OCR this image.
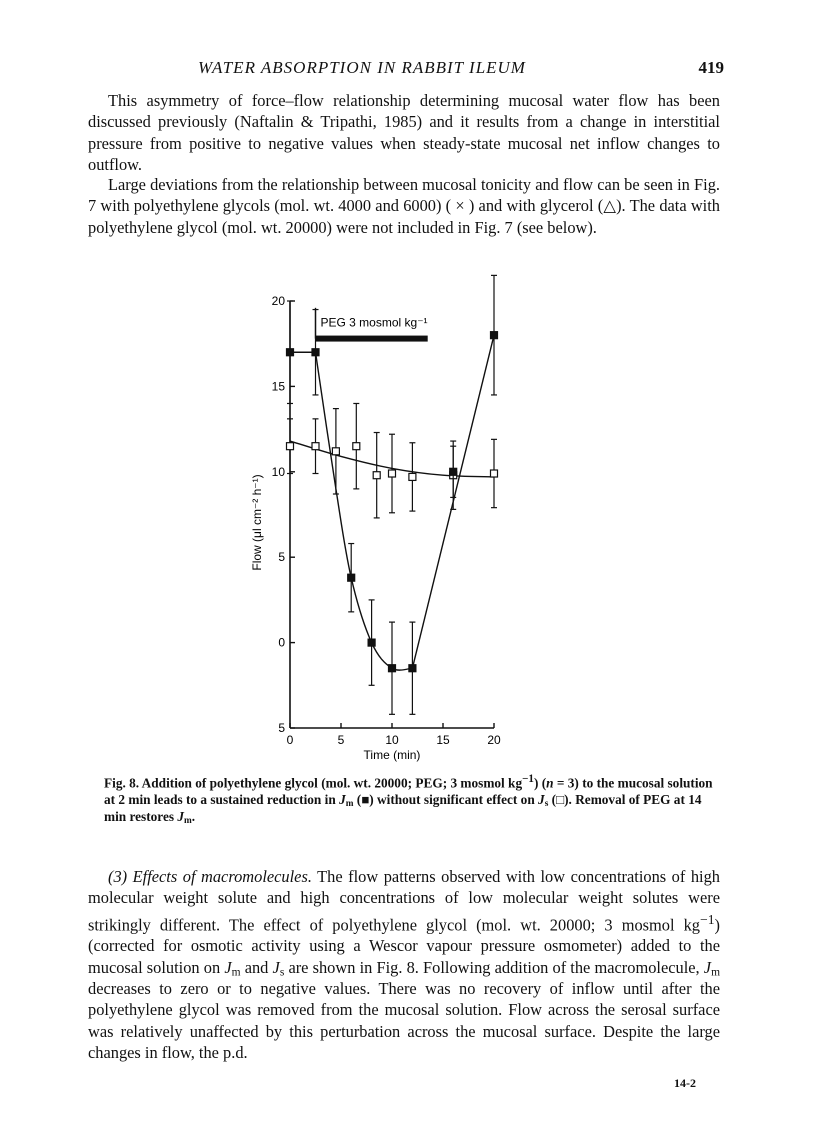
WATER ABSORPTION IN RABBIT ILEUM	419

This asymmetry of force–flow relationship determining mucosal water flow has been discussed previously (Naftalin & Tripathi, 1985) and it results from a change in interstitial pressure from positive to negative values when steady-state mucosal net inflow changes to outflow.

Large deviations from the relationship between mucosal tonicity and flow can be seen in Fig. 7 with polyethylene glycols (mol. wt. 4000 and 6000) ( × ) and with glycerol (△). The data with polyethylene glycol (mol. wt. 20000) were not included in Fig. 7 (see below).

20
15
10
5
0
5
0	5	10	15	20
Time (min)
Flow (μl cm⁻² h⁻¹)
PEG 3 mosmol kg⁻¹

Fig. 8. Addition of polyethylene glycol (mol. wt. 20000; PEG; 3 mosmol $kg^{-1}$) (n = 3) to the mucosal solution at 2 min leads to a sustained reduction in $J_m$ (■) without significant effect on $J_s$ (□). Removal of PEG at 14 min restores $J_m$.

(3) Effects of macromolecules. The flow patterns observed with low concentrations of high molecular weight solute and high concentrations of low molecular weight solutes were strikingly different. The effect of polyethylene glycol (mol. wt. 20000; 3 mosmol $kg^{-1}$) (corrected for osmotic activity using a Wescor vapour pressure osmometer) added to the mucosal solution on $J_m$ and $J_s$ are shown in Fig. 8. Following addition of the macromolecule, $J_m$ decreases to zero or to negative values. There was no recovery of inflow until after the polyethylene glycol was removed from the mucosal solution. Flow across the serosal surface was relatively unaffected by this perturbation across the mucosal surface. Despite the large changes in flow, the p.d.

14-2
